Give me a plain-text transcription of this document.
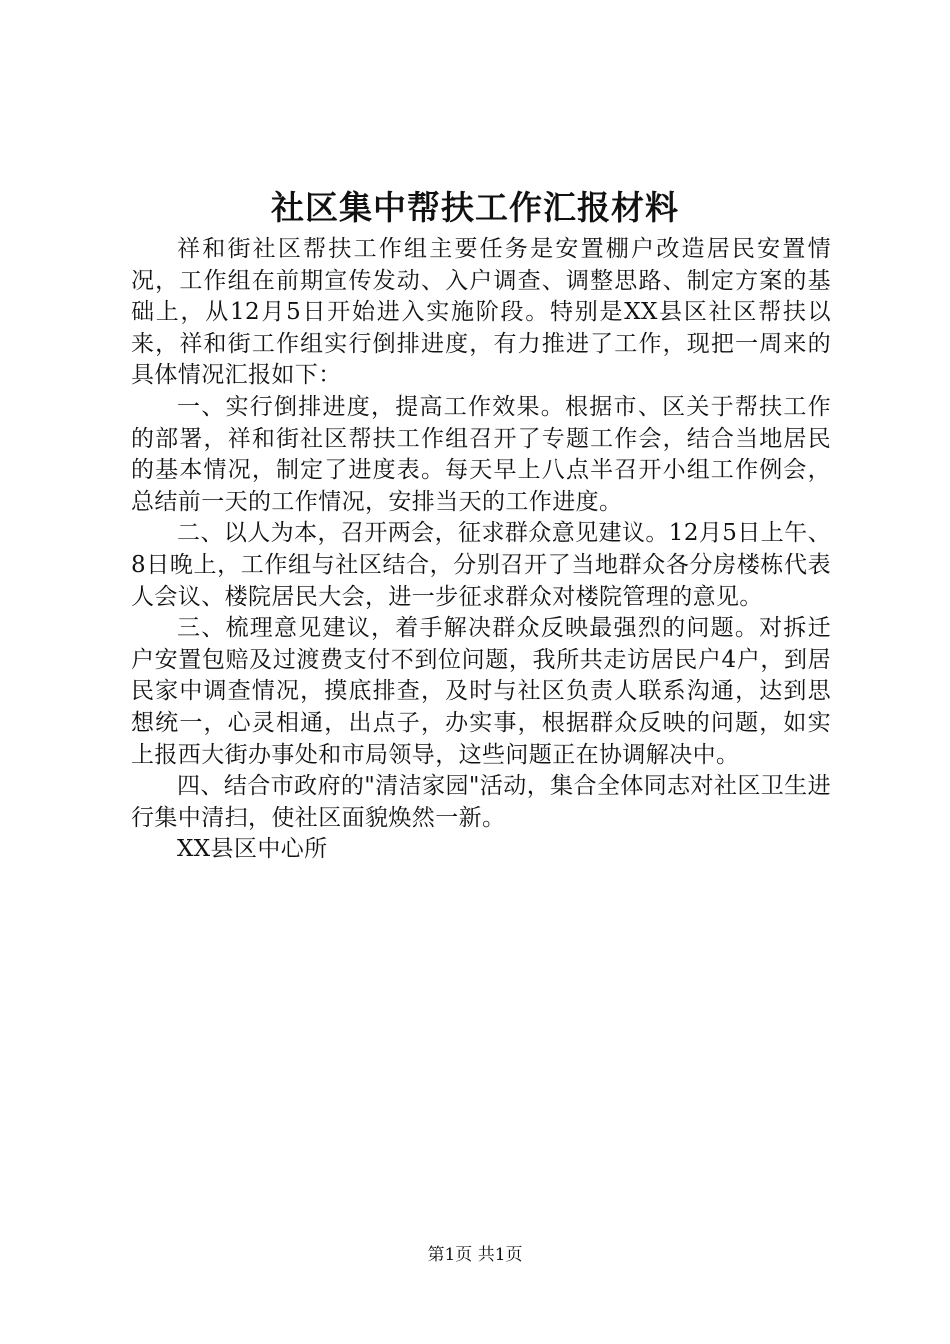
社区集中帮扶工作汇报材料

祥和街社区帮扶工作组主要任务是安置棚户改造居民安置情况，工作组在前期宣传发动、入户调查、调整思路、制定方案的基础上，从12月5日开始进入实施阶段。特别是XX县区社区帮扶以来，祥和街工作组实行倒排进度，有力推进了工作，现把一周来的具体情况汇报如下：

一、实行倒排进度，提高工作效果。根据市、区关于帮扶工作的部署，祥和街社区帮扶工作组召开了专题工作会，结合当地居民的基本情况，制定了进度表。每天早上八点半召开小组工作例会，总结前一天的工作情况，安排当天的工作进度。

二、以人为本，召开两会，征求群众意见建议。12月5日上午、8日晚上，工作组与社区结合，分别召开了当地群众各分房楼栋代表人会议、楼院居民大会，进一步征求群众对楼院管理的意见。

三、梳理意见建议，着手解决群众反映最强烈的问题。对拆迁户安置包赔及过渡费支付不到位问题，我所共走访居民户4户，到居民家中调查情况，摸底排查，及时与社区负责人联系沟通，达到思想统一，心灵相通，出点子，办实事，根据群众反映的问题，如实上报西大街办事处和市局领导，这些问题正在协调解决中。

四、结合市政府的"清洁家园"活动，集合全体同志对社区卫生进行集中清扫，使社区面貌焕然一新。

XX县区中心所

第1页 共1页
